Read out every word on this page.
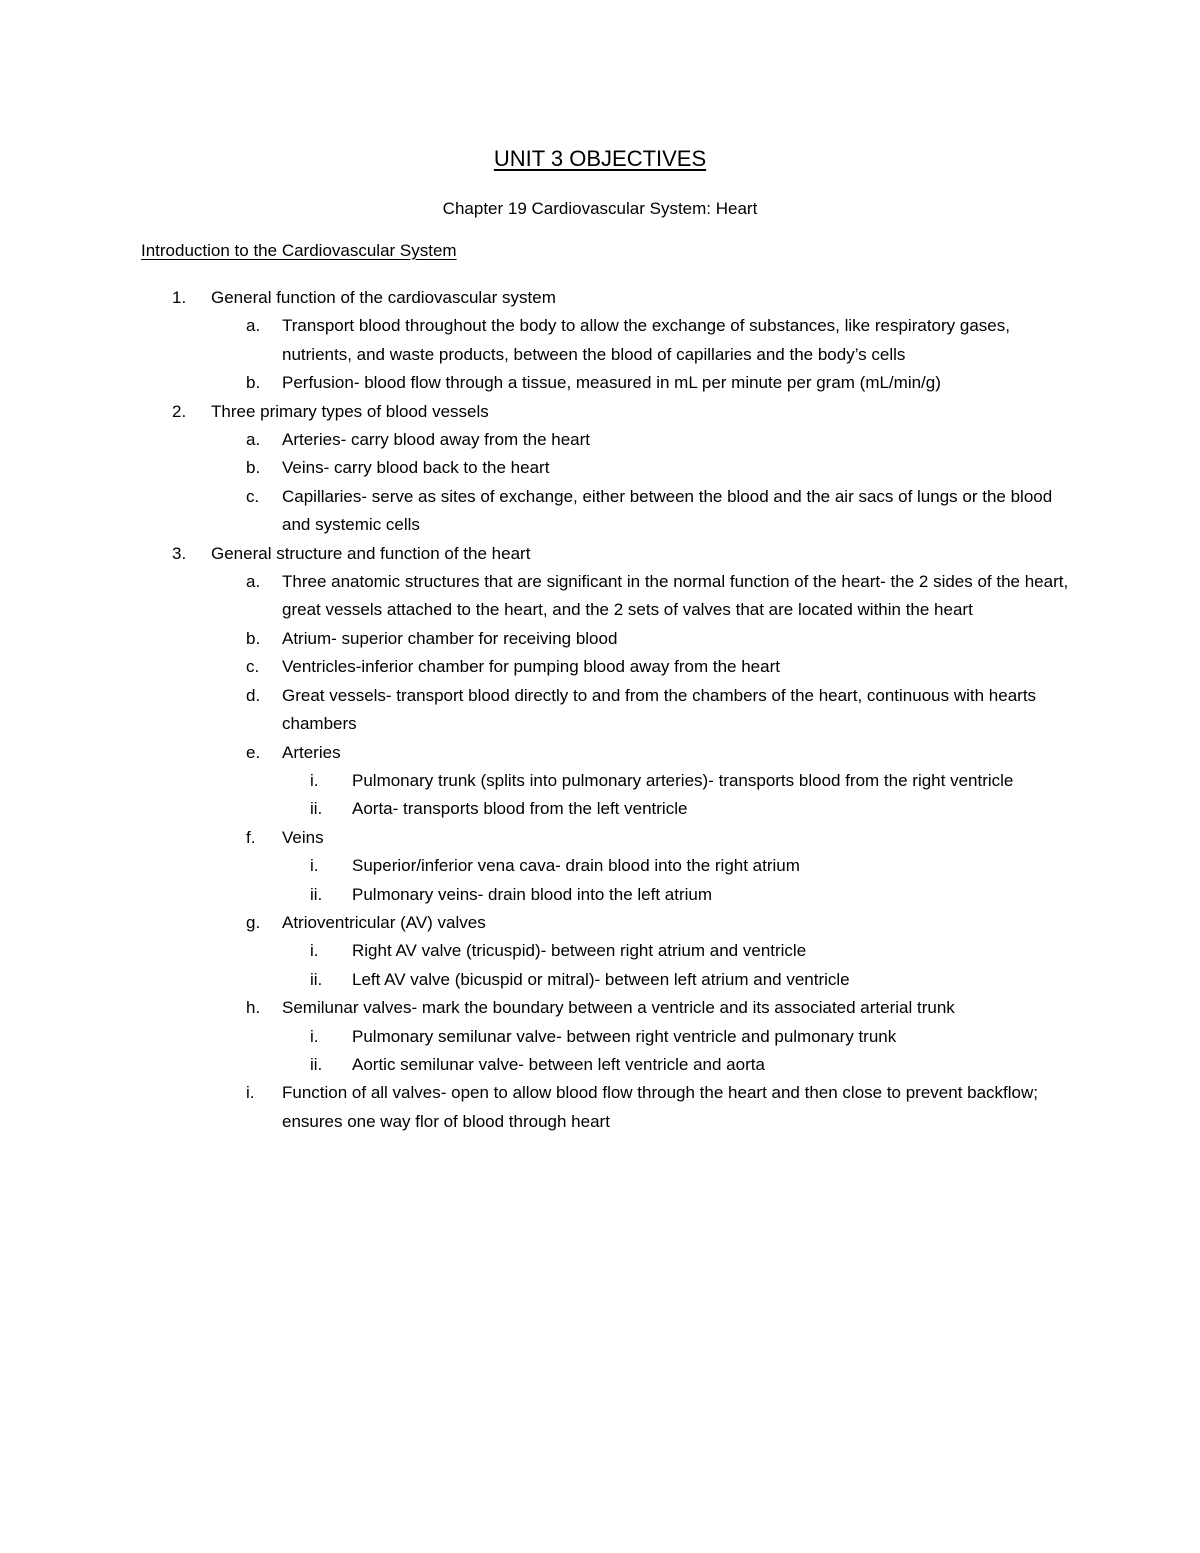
UNIT 3 OBJECTIVES
Chapter 19 Cardiovascular System: Heart
Introduction to the Cardiovascular System
1. General function of the cardiovascular system
a. Transport blood throughout the body to allow the exchange of substances, like respiratory gases, nutrients, and waste products, between the blood of capillaries and the body’s cells
b. Perfusion- blood flow through a tissue, measured in mL per minute per gram (mL/min/g)
2. Three primary types of blood vessels
a. Arteries- carry blood away from the heart
b. Veins- carry blood back to the heart
c. Capillaries- serve as sites of exchange, either between the blood and the air sacs of lungs or the blood and systemic cells
3. General structure and function of the heart
a. Three anatomic structures that are significant in the normal function of the heart- the 2 sides of the heart, great vessels attached to the heart, and the 2 sets of valves that are located within the heart
b. Atrium- superior chamber for receiving blood
c. Ventricles-inferior chamber for pumping blood away from the heart
d. Great vessels- transport blood directly to and from the chambers of the heart, continuous with hearts chambers
e. Arteries
i. Pulmonary trunk (splits into pulmonary arteries)- transports blood from the right ventricle
ii. Aorta- transports blood from the left ventricle
f. Veins
i. Superior/inferior vena cava- drain blood into the right atrium
ii. Pulmonary veins- drain blood into the left atrium
g. Atrioventricular (AV) valves
i. Right AV valve (tricuspid)- between right atrium and ventricle
ii. Left AV valve (bicuspid or mitral)- between left atrium and ventricle
h. Semilunar valves- mark the boundary between a ventricle and its associated arterial trunk
i. Pulmonary semilunar valve- between right ventricle and pulmonary trunk
ii. Aortic semilunar valve- between left ventricle and aorta
i. Function of all valves- open to allow blood flow through the heart and then close to prevent backflow; ensures one way flor of blood through heart
